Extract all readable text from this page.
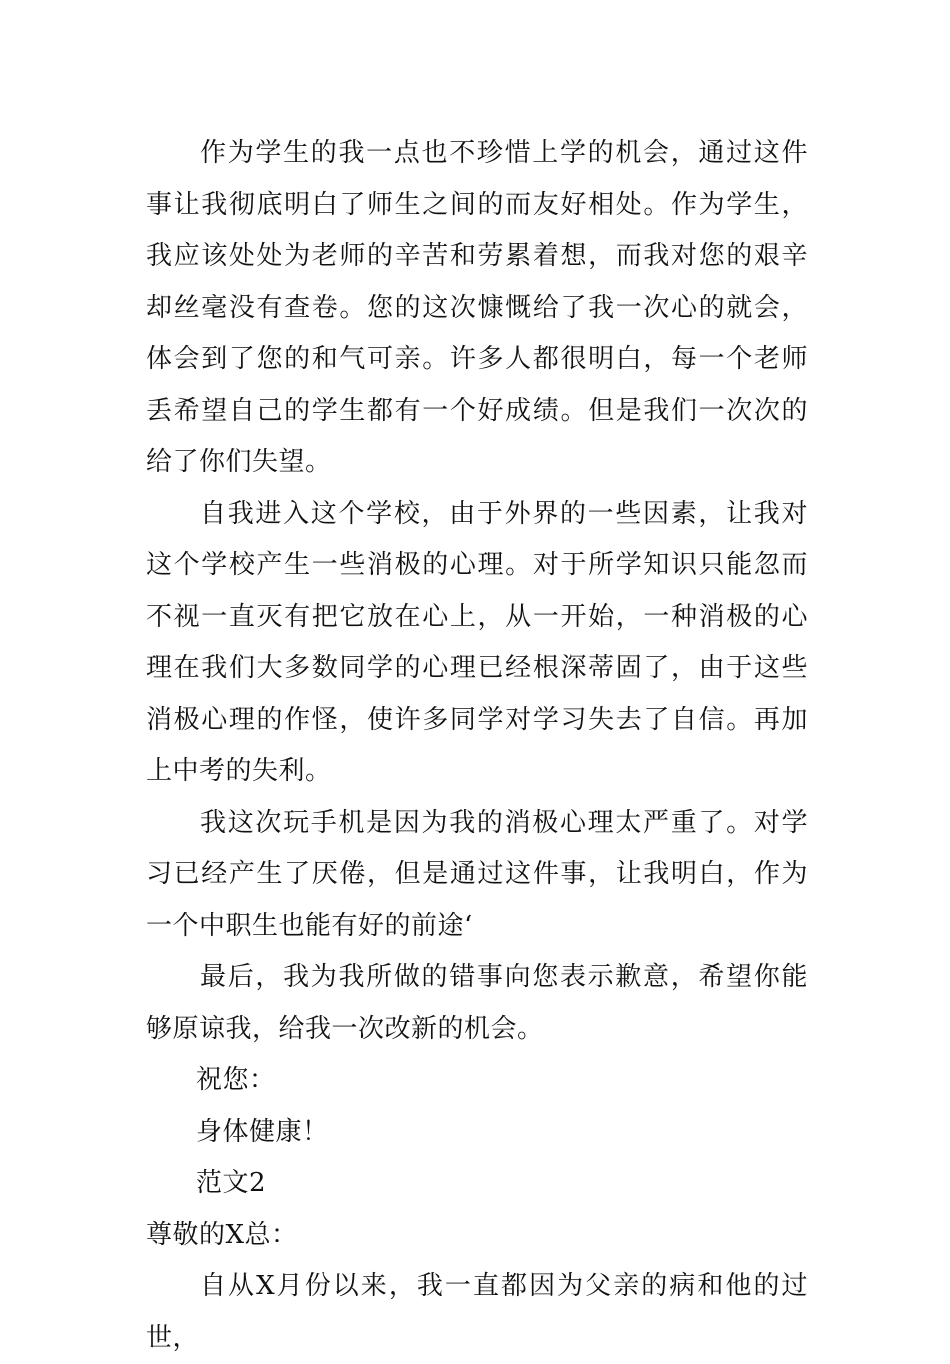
作为学生的我一点也不珍惜上学的机会，通过这件事让我彻底明白了师生之间的而友好相处。作为学生，我应该处处为老师的辛苦和劳累着想，而我对您的艰辛却丝毫没有查卷。您的这次慷慨给了我一次心的就会，体会到了您的和气可亲。许多人都很明白，每一个老师丢希望自己的学生都有一个好成绩。但是我们一次次的给了你们失望。

自我进入这个学校，由于外界的一些因素，让我对这个学校产生一些消极的心理。对于所学知识只能忽而不视一直灭有把它放在心上，从一开始，一种消极的心理在我们大多数同学的心理已经根深蒂固了，由于这些消极心理的作怪，使许多同学对学习失去了自信。再加上中考的失利。

我这次玩手机是因为我的消极心理太严重了。对学习已经产生了厌倦，但是通过这件事，让我明白，作为一个中职生也能有好的前途‘

最后，我为我所做的错事向您表示歉意，希望你能够原谅我，给我一次改新的机会。

祝您：

身体健康！

范文2

尊敬的X总：

自从X月份以来，我一直都因为父亲的病和他的过世，
